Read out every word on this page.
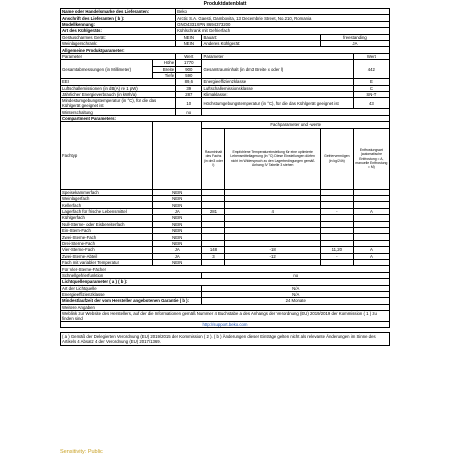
Produktdatenblatt
Name oder Handelsmarke des Lieferanten:		Beko				
Anschrift des Lieferanten ( b ):		Arctic S.A. Gaesti, Dambovita, 13 Decembrie Street, No.210, Romania				
Modellkennung:		GNO4331XPN 8694373200				
Art des Kühlgeräts:		Kühlschrank mit Gefrierfach				
Geräuscharmes Gerät:		NEIN	Bauart:		freestanding	
Weinlagerschrank:		NEIN	Anderes Kühlgerät:		JA	
Allgemeine Produktparameter:						
Parameter		Wert	Parameter			Wert
Gesamtabmessungen (in Millimeter)	Höhe	1770	Gesamtrauminhalt (in dm3 Breite x oder l)			442
	Breite	900				
	Tiefe	590				
EEI		89,6	Energieeffizienzklasse			E
Luftschallemissionen (in dB(A) re 1 pW)		39	Luftschallemissionsklasse			C
Jährlicher Energieverbrauch (in kWh/a)		287	Klimaklasse:			SN-T
Mindestumgebungstemperatur (in °C), für die das Kühlgerät geeignet ist		10	Höchstumgebungstemperatur (in °C), für die das Kühlgerät geeignet ist			43
Winterschaltung		no				
Compartment Parameters:						
Fachtyp			Fachparameter und -werte			
			Rauminhalt des Fachs (in dm3 oder l)	Empfohlene Temperatureinstellung für eine optimierte Lebensmittellagerung (in °C) Diese Einstellungen dürfen nicht im Widerspruch zu den Lagerbedingungen gemäß Anhang IV Tabelle 3 stehen	Gefriervermögen (in kg/24h)	Entfrostungsart (automatische Entfrostung = A, manuelle Entfrostung = M)
Speisekammerfach	NEIN					
Weinlagerfach	NEIN					
Kellerfach	NEIN					
Lagerfach für frische Lebensmittel	JA		281	4	-	A
Kühlgerfach	NEIN					
Null-Sterne- oder Eisbereiterfach	NEIN					
Ein-Stern-Fach	NEIN					
Zwei-Sterne-Fach	NEIN					
Drei-Sterne-Fach	NEIN					
Vier-Sterne-Fach	JA		148	-18	11,20	A
Zwei-Sterne-Abteil	JA		3	-12	-	A
Fach mit variabler Temperatur	NEIN					
Für Vier-Sterne-Fächer						
Schnellgefrierfunktion			no			
Lichtquellenparameter ( a ) ( b ):						
Art der Lichtquelle			N/A			
Energieeffizienzklasse			N/A			
Mindestlaufzeit der vom Hersteller angebotenen Garantie ( b ):			24 Monate			
Weitere Angaben						
Weblink zur Website des Herstellers, auf der die Informationen gemäß Nummer 4 Buchstabe a des Anhangs der Verordnung (EU) 2019/2019 der Kommission ( 1 ) zu finden sind						
http://support.beko.com						

( a ) Gemäß der Delegierten Verordnung (EU) 2019/2015 der Kommission ( 2 ). ( b ) Änderungen dieser Einträge gelten nicht als relevante Änderungen im Sinne des Artikels 4 Absatz 4 der Verordnung (EU) 2017/1369.						
Sensitivity: Public
